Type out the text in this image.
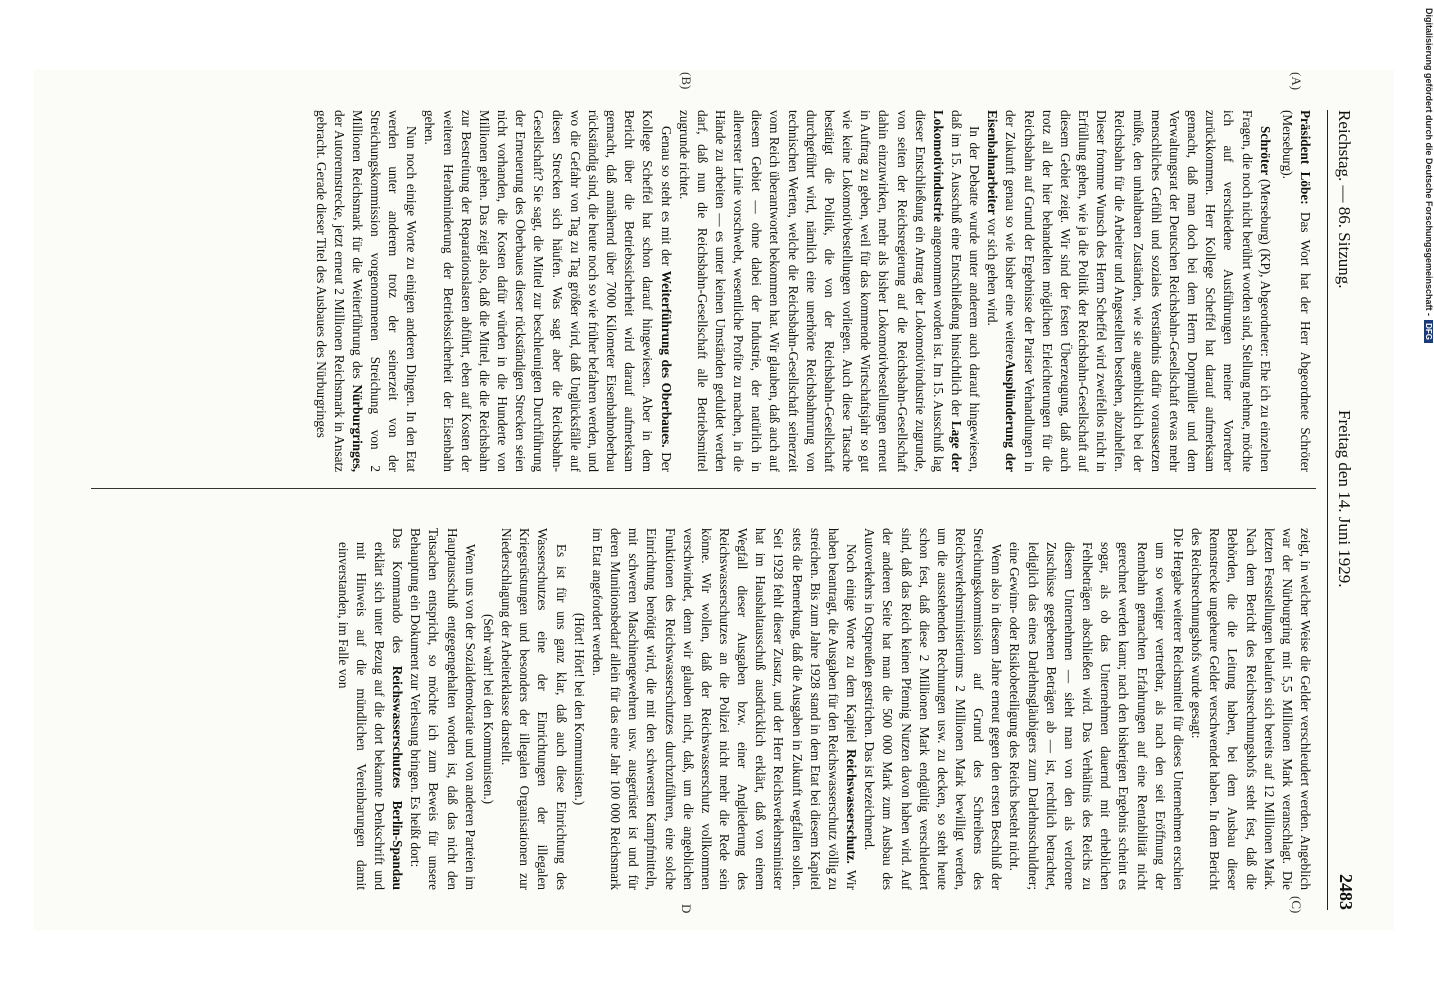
Reichstag. — 86. Sitzung.
Freitag den 14. Juni 1929.
2483
(A)
(B)
(C)
D

Präsident Löbe: Das Wort hat der Herr Abgeordnete Schröter (Merseburg).

Schröter (Merseburg) (KP), Abgeordneter: Ehe ich zu einzelnen Fragen, die noch nicht berührt worden sind, Stellung nehme, möchte ich auf verschiedene Ausführungen meiner Vorredner zurückkommen. Herr Kollege Scheffel hat darauf aufmerksam gemacht, daß man doch bei dem Herrn Dorpmüller und dem Verwaltungsrat der Deutschen Reichsbahn-Gesellschaft etwas mehr menschliches Gefühl und soziales Verständnis dafür voraussetzen müßte, den unhaltbaren Zuständen, wie sie augenblicklich bei der Reichsbahn für die Arbeiter und Angestellten bestehen, abzuhelfen. Dieser fromme Wunsch des Herrn Scheffel wird zweifellos nicht in Erfüllung gehen, wie ja die Politik der Reichsbahn-Gesellschaft auf diesem Gebiet zeigt. Wir sind der festen Überzeugung, daß auch trotz all der hier behandelten möglichen Erleichterungen für die Reichsbahn auf Grund der Ergebnisse der Pariser Verhandlungen in der Zukunft genau so wie bisher eine weitereAusplünderung der Eisenbahnarbeiter vor sich gehen wird.

In der Debatte wurde unter anderem auch darauf hingewiesen, daß im 15. Ausschuß eine Entschließung hinsichtlich der Lage der Lokomotivindustrie angenommen worden ist. Im 15. Ausschuß lag dieser Entschließung ein Antrag der Lokomotivindustrie zugrunde, von seiten der Reichsregierung auf die Reichsbahn-Gesellschaft dahin einzuwirken, mehr als bisher Lokomotivbestellungen erneut in Auftrag zu geben, weil für das kommende Wirtschaftsjahr so gut wie keine Lokomotivbestellungen vorliegen. Auch diese Tatsache bestätigt die Politik, die von der Reichsbahn-Gesellschaft durchgeführt wird, nämlich eine unerhörte Reichsbahnrung von technischen Werten, welche die Reichsbahn-Gesellschaft seinerzeit vom Reich überantwortet bekommen hat. Wir glauben, daß auch auf diesem Gebiet — ohne dabei der Industrie, der natürlich in allererster Linie vorschwebt, wesentliche Profite zu machen, in die Hände zu arbeiten — es unter keinen Umständen geduldet werden darf, daß nun die Reichsbahn-Gesellschaft alle Betriebsmittel zugrunde richtet.

Genau so steht es mit der Weiterführung des Oberbaues. Der Kollege Scheffel hat schon darauf hingewiesen. Aber in dem Bericht über die Betriebssicherheit wird darauf aufmerksam gemacht, daß annähernd über 7000 Kilometer Eisenbahnoberbau rückständig sind, die heute noch so wie früher befahren werden, und wo die Gefahr von Tag zu Tag größer wird, daß Unglücksfälle auf diesen Strecken sich häufen. Was sagt aber die Reichsbahn-Gesellschaft? Sie sagt, die Mittel zur beschleunigten Durchführung der Erneuerung des Oberbaues dieser rückständigen Strecken seien nicht vorhanden, die Kosten dafür würden in die Hunderte von Millionen gehen. Das zeigt also, daß die Mittel, die die Reichsbahn zur Bestreitung der Reparationslasten abführt, eben auf Kosten der weiteren Herabminderung der Betriebssicherheit der Eisenbahn gehen.

Nun noch einige Worte zu einigen anderen Dingen. In den Etat werden unter anderem trotz der seinerzeit von der Streichungskommission vorgenommenen Streichung von 2 Millionen Reichsmark für die Weiterführung des Nürburgringes, der Autorennstrecke, jetzt erneut 2 Millionen Reichsmark in Ansatz gebracht. Gerade dieser Titel des Ausbaues des Nürburgringes

zeigt, in welcher Weise die Gelder verschleudert werden. Angeblich war der Nürburgring mit 5,5 Millionen Mark veranschlagt. Die letzten Feststellungen belaufen sich bereits auf 12 Millionen Mark. Nach dem Bericht des Reichsrechnungshofs steht fest, daß die Behörden, die die Leitung haben, bei dem Ausbau dieser Rennstrecke ungeheure Gelder verschwendet haben. In dem Bericht des Reichsrechnungshofs wurde gesagt:

Die Hergabe weiterer Reichsmittel für dieses Unternehmen erschien um so weniger vertretbar, als nach den seit Eröffnung der Rennbahn gemachten Erfahrungen auf eine Rentabilität nicht gerechnet werden kann; nach den bisherigen Ergebnis scheint es sogar, als ob das Unternehmen dauernd mit erheblichen Fehlbeträgen abschließen wird. Das Verhältnis des Reichs zu diesem Unternehmen — sieht man von den als verlorene Zuschüsse gegebenen Beträgen ab — ist, rechtlich betrachtet, lediglich das eines Darlehnsgläubigers zum Darlehnsschuldner; eine Gewinn- oder Risikobeteiligung des Reichs besteht nicht.

Wenn also in diesem Jahre erneut gegen den ersten Beschluß der Streichungskommission auf Grund des Schreibens des Reichsverkehrsministeriums 2 Millionen Mark bewilligt werden, um die ausstehenden Rechnungen usw. zu decken, so steht heute schon fest, daß diese 2 Millionen Mark endgültig verschleudert sind, daß das Reich keinen Pfennig Nutzen davon haben wird. Auf der anderen Seite hat man die 500 000 Mark zum Ausbau des Autoverkehrs in Ostpreußen gestrichen. Das ist bezeichnend.

Noch einige Worte zu dem Kapitel Reichswasserschutz. Wir haben beantragt, die Ausgaben für den Reichswasserschutz völlig zu streichen. Bis zum Jahre 1928 stand in dem Etat bei diesem Kapitel stets die Bemerkung, daß die Ausgaben in Zukunft wegfallen sollen. Seit 1928 fehlt dieser Zusatz, und der Herr Reichsverkehrsminister hat im Haushaltausschuß ausdrücklich erklärt, daß von einem Wegfall dieser Ausgaben bzw. einer Angliederung des Reichswasserschutzes an die Polizei nicht mehr die Rede sein könne. Wir wollen, daß der Reichswasserschutz vollkommen verschwindet, denn wir glauben nicht, daß, um die angeblichen Funktionen des Reichswasserschutzes durchzuführen, eine solche Einrichtung benötigt wird, die mit den schwersten Kampfmitteln, mit schweren Maschinengewehren usw. ausgerüstet ist und für deren Munitionsbedarf allein für das eine Jahr 100 000 Reichsmark im Etat angefordert werden.

(Hört! Hört! bei den Kommunisten.)

Es ist für uns ganz klar, daß auch diese Einrichtung des Wasserschutzes eine der Einrichtungen der illegalen Kriegsrüstungen und besonders der illegalen Organisationen zur Niederschlagung der Arbeiterklasse darstellt.

(Sehr wahr! bei den Kommunisten.)

Wenn uns von der Sozialdemokratie und von anderen Parteien im Hauptausschuß entgegengehalten worden ist, daß das nicht den Tatsachen entspricht, so möchte ich zum Beweis für unsere Behauptung ein Dokument zur Verlesung bringen. Es heißt dort:

Das Kommando des Reichswasserschutzes Berlin-Spandau erklärt sich unter Bezug auf die dort bekannte Denkschrift und mit Hinweis auf die mündlichen Vereinbarungen damit einverstanden, im Falle von

Digitalisierung gefördert durch die Deutsche Forschungsgemeinschaft -DFG
